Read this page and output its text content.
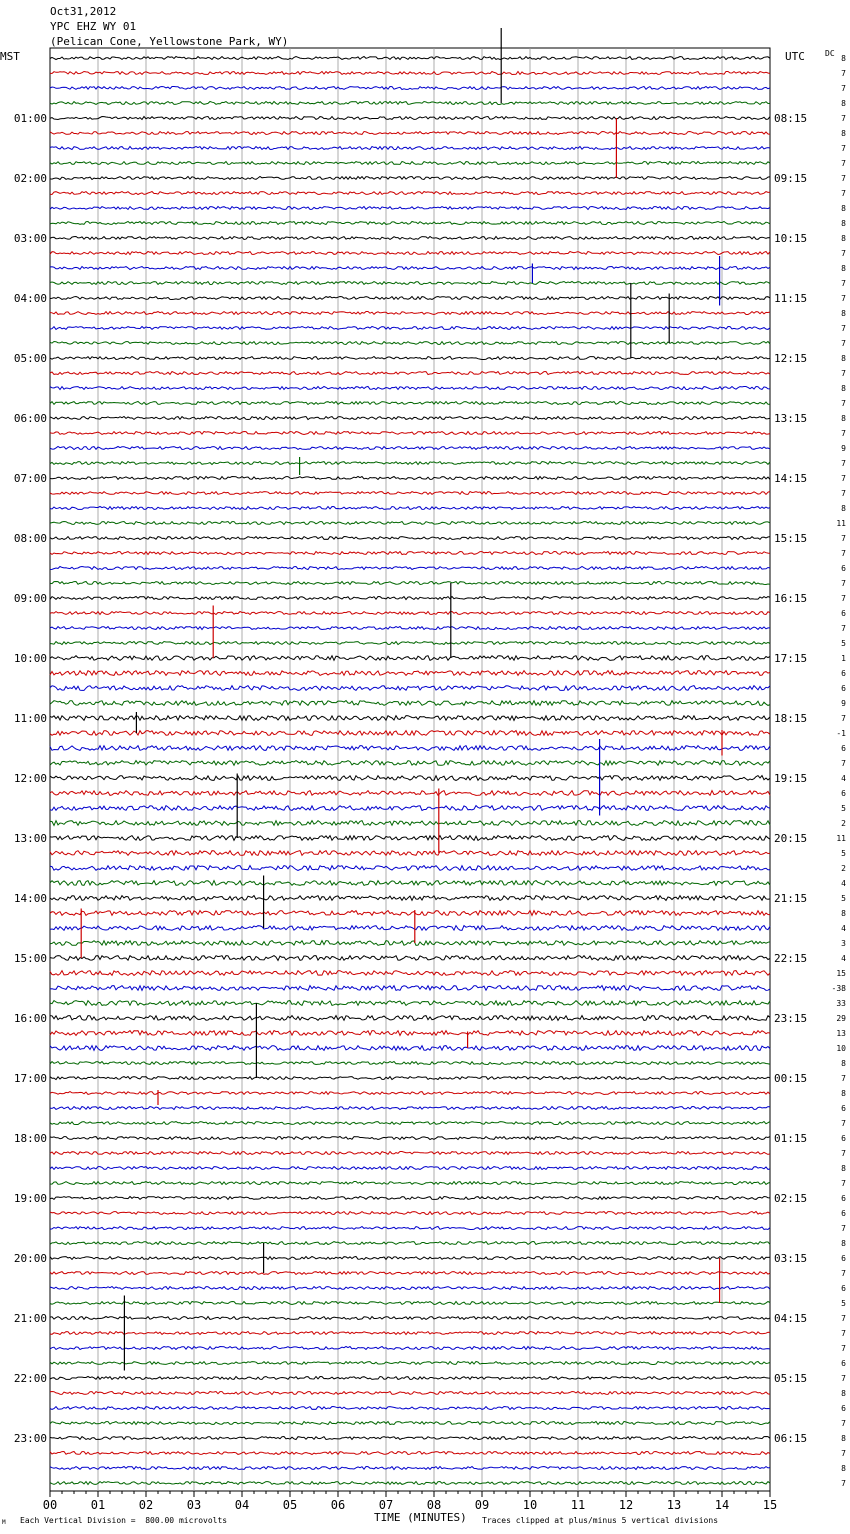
Oct31,2012
YPC EHZ WY 01
(Pelican Cone, Yellowstone Park, WY)
MST	UTC	DC
01:00	08:15
02:00	09:15
03:00	10:15
04:00	11:15
05:00	12:15
06:00	13:15
07:00	14:15
08:00	15:15
09:00	16:15
10:00	17:15
11:00	18:15
12:00	19:15
13:00	20:15
14:00	21:15
15:00	22:15
16:00	23:15
17:00	00:15
18:00	01:15
19:00	02:15
20:00	03:15
21:00	04:15
22:00	05:15
23:00	06:15
8
7
7
8
7
8
7
7
7
7
8
8
8
7
8
7
7
8
7
7
8
7
8
7
8
7
9
7
7
7
8
11
7
7
6
7
7
6
7
5
1
6
6
9
7
-1
6
7
4
6
5
2
11
5
2
4
5
8
4
3
4
15
-38
33
29
13
10
8
7
8
6
7
6
7
8
7
6
6
7
8
6
7
6
5
7
7
7
6
7
8
6
7
8
7
8
7
00	01	02	03	04	05	06	07	08	09	10	11	12	13	14	15
TIME (MINUTES)
Each Vertical Division =  800.00 microvolts	Traces clipped at plus/minus 5 vertical divisions
M
